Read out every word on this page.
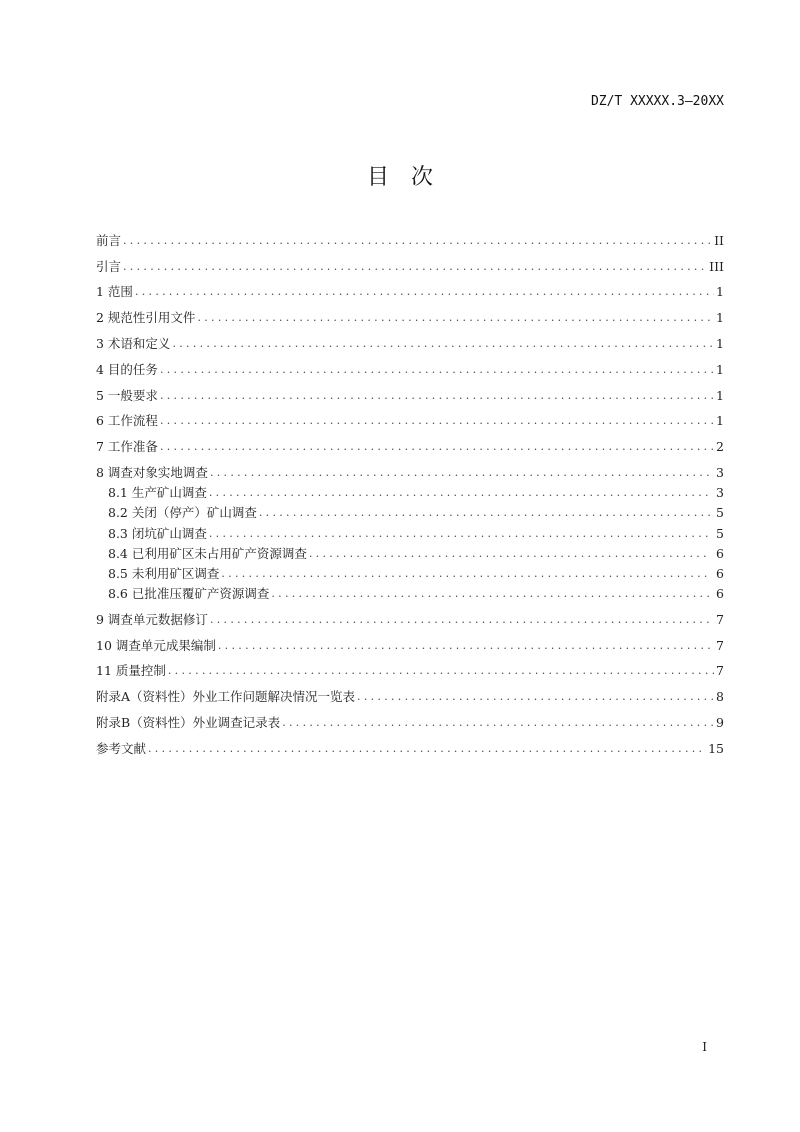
DZ/T XXXXX.3—20XX
目次
前言 .....	II
引言 .....	III
1 范围 .....	1
2 规范性引用文件 .....	1
3 术语和定义 .....	1
4 目的任务 .....	1
5 一般要求 .....	1
6 工作流程 .....	1
7 工作准备 .....	2
8 调查对象实地调查 .....	3
8.1 生产矿山调查 .....	3
8.2 关闭（停产）矿山调查 .....	5
8.3 闭坑矿山调查 .....	5
8.4 已利用矿区未占用矿产资源调查 .....	6
8.5 未利用矿区调查 .....	6
8.6 已批准压覆矿产资源调查 .....	6
9 调查单元数据修订 .....	7
10 调查单元成果编制 .....	7
11 质量控制 .....	7
附录A（资料性）外业工作问题解决情况一览表 .....	8
附录B（资料性）外业调查记录表 .....	9
参考文献 .....	15
I
